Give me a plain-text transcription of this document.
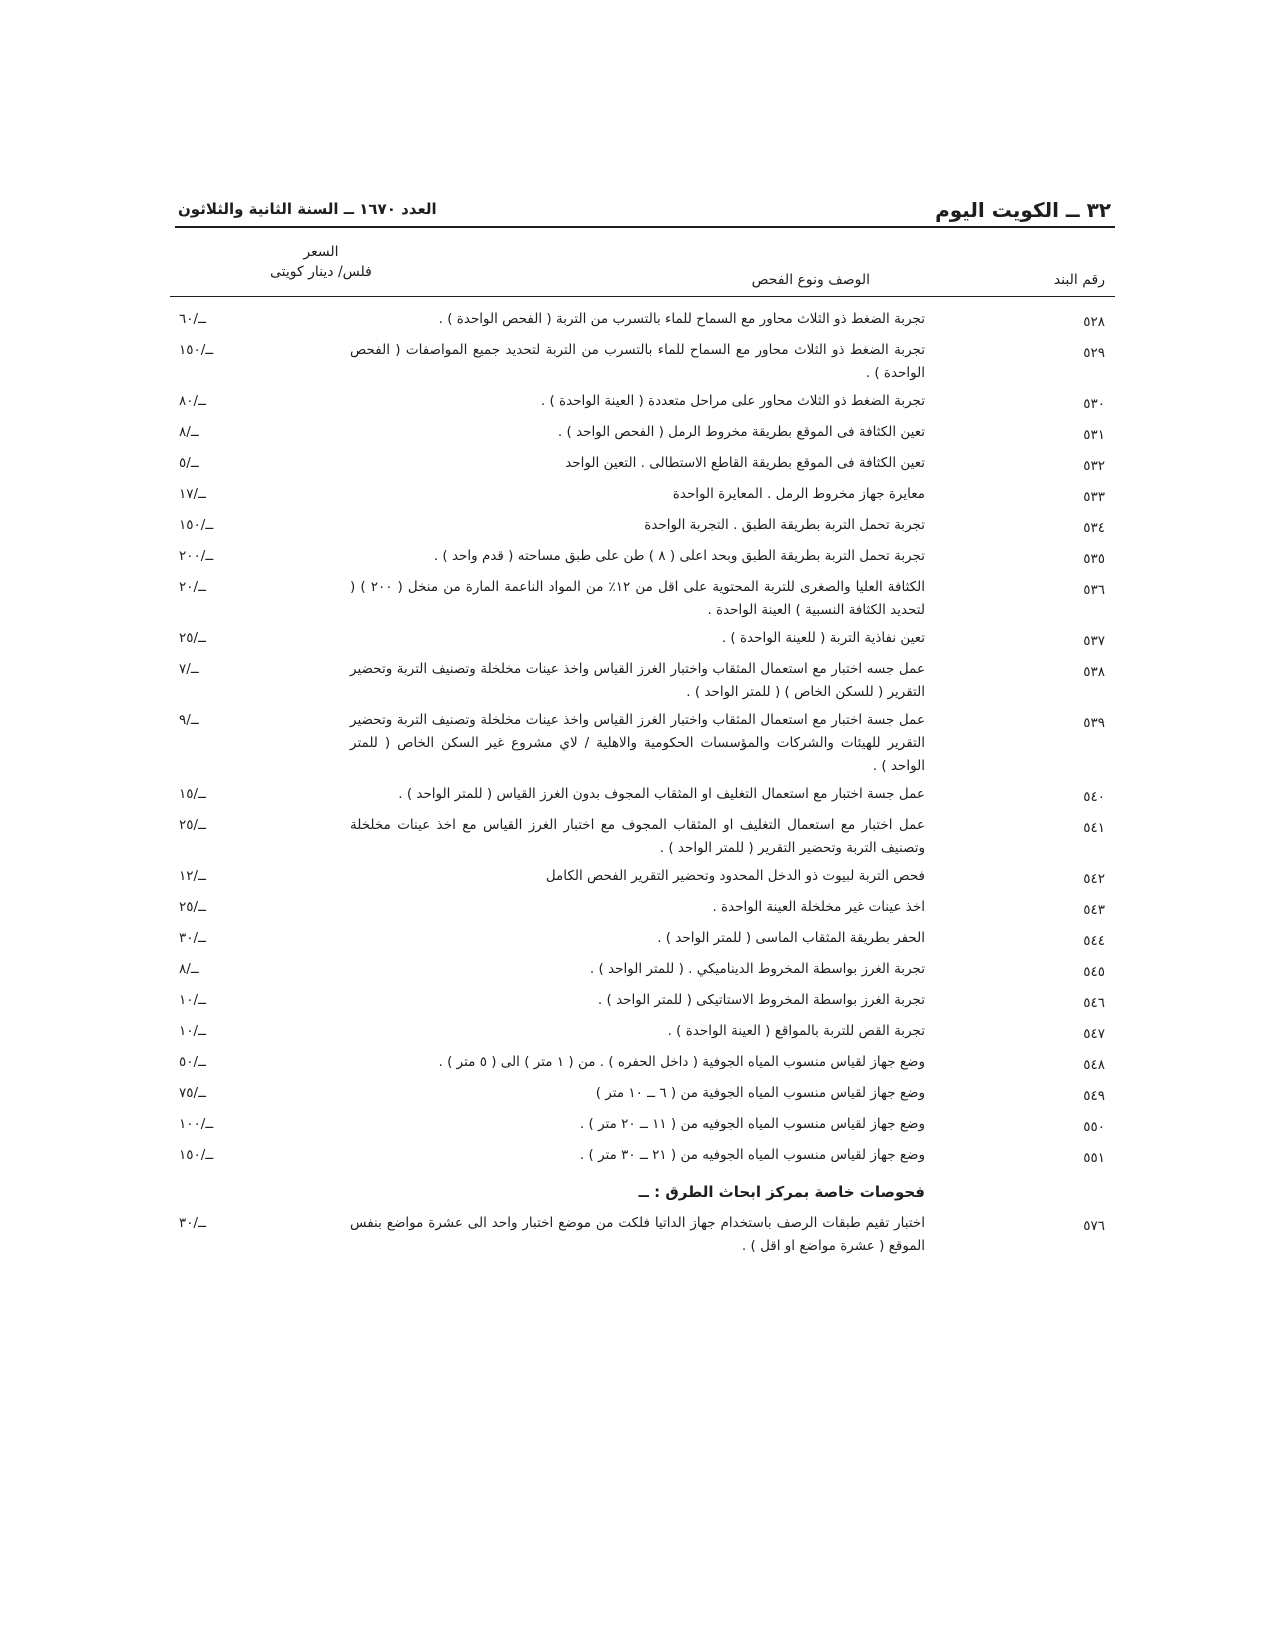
٣٢ ــ الكويت اليوم
العدد ١٦٧٠ ــ السنة الثانية والثلاثون
رقم البند
الوصف ونوع الفحص
السعر
فلس/ دينار كويتى
٥٢٨
تجربة الضغط ذو الثلاث محاور مع السماح للماء بالتسرب من التربة ( الفحص الواحدة ) .
ــ/٦٠
٥٢٩
تجربة الضغط ذو الثلاث محاور مع السماح للماء بالتسرب من التربة لتحديد جميع المواصفات ( الفحص الواحدة ) .
ــ/١٥٠
٥٣٠
تجربة الضغط ذو الثلاث محاور على مراحل متعددة ( العينة الواحدة ) .
ــ/٨٠
٥٣١
تعين الكثافة فى الموقع بطريقة مخروط الرمل ( الفحص الواحد ) .
ــ/٨
٥٣٢
تعين الكثافة فى الموقع بطريقة القاطع الاستطالى . التعين الواحد
ــ/٥
٥٣٣
معايرة جهاز مخروط الرمل . المعايرة الواحدة
ــ/١٧
٥٣٤
تجربة تحمل التربة بطريقة الطبق . التجربة الواحدة
ــ/١٥٠
٥٣٥
تجربة تحمل التربة بطريقة الطبق وبحد اعلى ( ٨ ) طن على طبق مساحته ( قدم واحد ) .
ــ/٢٠٠
٥٣٦
الكثافة العليا والصغرى للتربة المحتوية على اقل من ١٢٪ من المواد الناعمة المارة من منخل ( ٢٠٠ ) ( لتحديد الكثافة النسبية ) العينة الواحدة .
ــ/٢٠
٥٣٧
تعين نفاذية التربة ( للعينة الواحدة ) .
ــ/٢٥
٥٣٨
عمل جسه اختبار مع استعمال المثقاب واختبار الغرز القياس واخذ عينات مخلخلة وتصنيف التربة وتحضير التقرير ( للسكن الخاص ) ( للمتر الواحد ) .
ــ/٧
٥٣٩
عمل جسة اختبار مع استعمال المثقاب واختبار الغرز القياس واخذ عينات مخلخلة وتصنيف التربة وتحضير التقرير للهيئات والشركات والمؤسسات الحكومية والاهلية / لاي مشروع غير السكن الخاص ( للمتر الواحد ) .
ــ/٩
٥٤٠
عمل جسة اختبار مع استعمال التغليف او المثقاب المجوف بدون الغرز القياس ( للمتر الواحد ) .
ــ/١٥
٥٤١
عمل اختبار مع استعمال التغليف او المثقاب المجوف مع اختبار الغرز القياس مع اخذ عينات مخلخلة وتصنيف التربة وتحضير التقرير ( للمتر الواحد ) .
ــ/٢٥
٥٤٢
فحص التربة لبيوت ذو الدخل المحدود وتحضير التقرير الفحص الكامل
ــ/١٢
٥٤٣
اخذ عينات غير مخلخلة العينة الواحدة .
ــ/٢٥
٥٤٤
الحفر بطريقة المثقاب الماسى ( للمتر الواحد ) .
ــ/٣٠
٥٤٥
تجربة الغرز بواسطة المخروط الديناميكي . ( للمتر الواحد ) .
ــ/٨
٥٤٦
تجربة الغرز بواسطة المخروط الاستاتيكى ( للمتر الواحد ) .
ــ/١٠
٥٤٧
تجربة القص للتربة بالمواقع ( العينة الواحدة ) .
ــ/١٠
٥٤٨
وضع جهاز لقياس منسوب المياه الجوفية ( داخل الحفره ) . من ( ١ متر ) الى ( ٥ متر ) .
ــ/٥٠
٥٤٩
وضع جهاز لقياس منسوب المياه الجوفية من ( ٦ ــ ١٠ متر )
ــ/٧٥
٥٥٠
وضع جهاز لقياس منسوب المياه الجوفيه من ( ١١ ــ ٢٠ متر ) .
ــ/١٠٠
٥٥١
وضع جهاز لقياس منسوب المياه الجوفيه من ( ٢١ ــ ٣٠ متر ) .
ــ/١٥٠
فحوصات خاصة بمركز ابحاث الطرق : ــ
٥٧٦
اختبار تقيم طبقات الرصف باستخدام جهاز الداتيا فلكت من موضع اختبار واحد الى عشرة مواضع بنفس الموقع ( عشرة مواضع او اقل ) .
ــ/٣٠
